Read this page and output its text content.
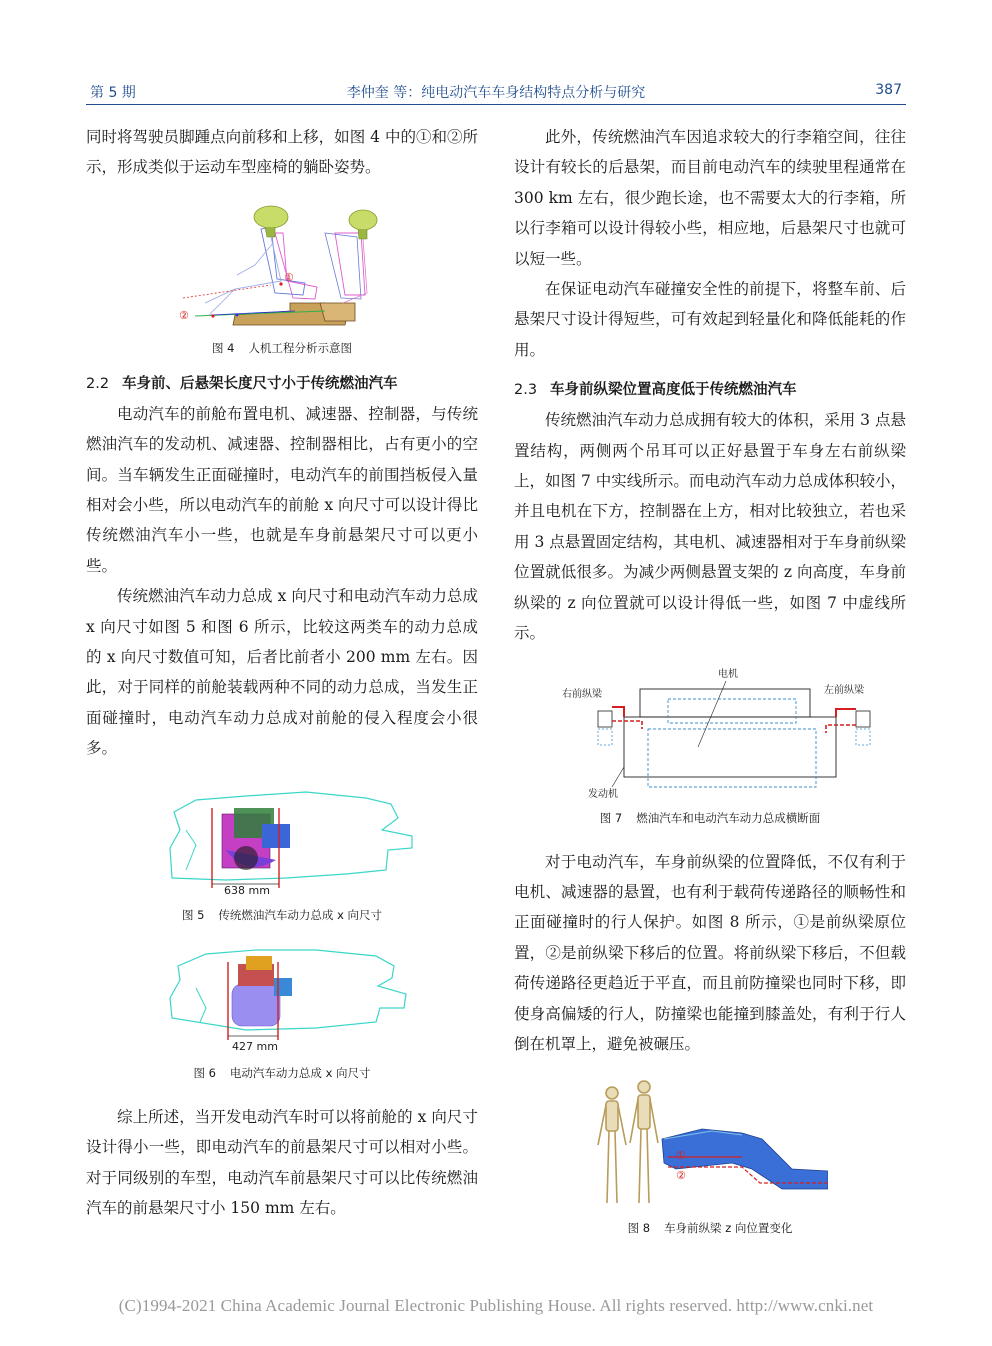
第 5 期	李仲奎 等：纯电动汽车车身结构特点分析与研究	387

同时将驾驶员脚踵点向前移和上移，如图 4 中的①和②所示，形成类似于运动车型座椅的躺卧姿势。

①
②

图 4 人机工程分析示意图

2.2 车身前、后悬架长度尺寸小于传统燃油汽车

电动汽车的前舱布置电机、减速器、控制器，与传统燃油汽车的发动机、减速器、控制器相比，占有更小的空间。当车辆发生正面碰撞时，电动汽车的前围挡板侵入量相对会小些，所以电动汽车的前舱 x 向尺寸可以设计得比传统燃油汽车小一些，也就是车身前悬架尺寸可以更小些。

传统燃油汽车动力总成 x 向尺寸和电动汽车动力总成 x 向尺寸如图 5 和图 6 所示，比较这两类车的动力总成的 x 向尺寸数值可知，后者比前者小 200 mm 左右。因此，对于同样的前舱装载两种不同的动力总成，当发生正面碰撞时，电动汽车动力总成对前舱的侵入程度会小很多。

638 mm

图 5 传统燃油汽车动力总成 x 向尺寸

427 mm

图 6 电动汽车动力总成 x 向尺寸

综上所述，当开发电动汽车时可以将前舱的 x 向尺寸设计得小一些，即电动汽车的前悬架尺寸可以相对小些。对于同级别的车型，电动汽车前悬架尺寸可以比传统燃油汽车的前悬架尺寸小 150 mm 左右。

此外，传统燃油汽车因追求较大的行李箱空间，往往设计有较长的后悬架，而目前电动汽车的续驶里程通常在 300 km 左右，很少跑长途，也不需要太大的行李箱，所以行李箱可以设计得较小些，相应地，后悬架尺寸也就可以短一些。

在保证电动汽车碰撞安全性的前提下，将整车前、后悬架尺寸设计得短些，可有效起到轻量化和降低能耗的作用。

2.3 车身前纵梁位置高度低于传统燃油汽车

传统燃油汽车动力总成拥有较大的体积，采用 3 点悬置结构，两侧两个吊耳可以正好悬置于车身左右前纵梁上，如图 7 中实线所示。而电动汽车动力总成体积较小，并且电机在下方，控制器在上方，相对比较独立，若也采用 3 点悬置固定结构，其电机、减速器相对于车身前纵梁位置就低很多。为减少两侧悬置支架的 z 向高度，车身前纵梁的 z 向位置就可以设计得低一些，如图 7 中虚线所示。

电机
右前纵梁	左前纵梁
发动机

图 7 燃油汽车和电动汽车动力总成横断面

对于电动汽车，车身前纵梁的位置降低，不仅有利于电机、减速器的悬置，也有利于载荷传递路径的顺畅性和正面碰撞时的行人保护。如图 8 所示，①是前纵梁原位置，②是前纵梁下移后的位置。将前纵梁下移后，不但载荷传递路径更趋近于平直，而且前防撞梁也同时下移，即使身高偏矮的行人，防撞梁也能撞到膝盖处，有利于行人倒在机罩上，避免被碾压。

①
②

图 8 车身前纵梁 z 向位置变化

(C)1994-2021 China Academic Journal Electronic Publishing House. All rights reserved. http://www.cnki.net
